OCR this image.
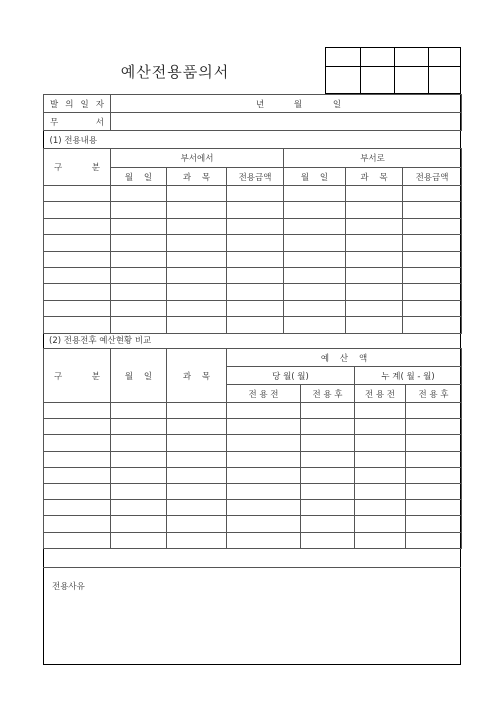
예산전용품의서
발 의 일 자	년 월 일

무 서	

(1) 전용내용	
구 분	부서에서			부서로		
	월 일	과 목	전용금액	월 일	과 목	전용금액

(2) 전용전후 예산현황 비교
구 분	월 일	과 목	예 산 액			
			당 월( 월)		누 계( 월 - 월)	
			전 용 전	전 용 후	전 용 전	전 용 후

전용사유
